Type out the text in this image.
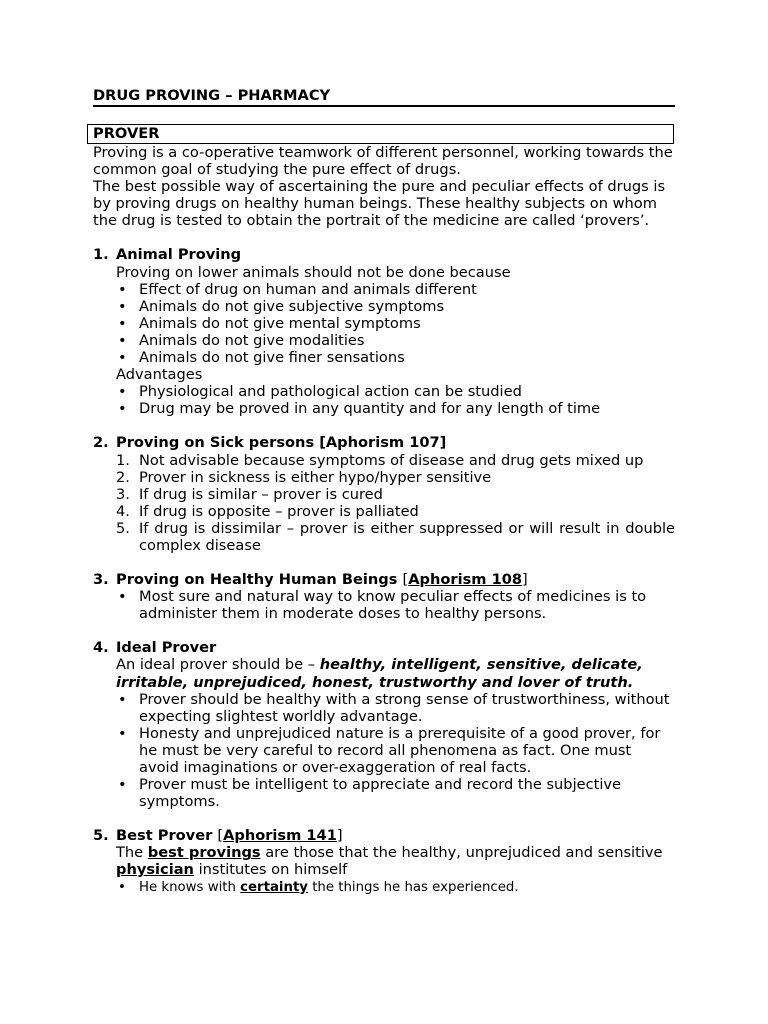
DRUG PROVING – PHARMACY
PROVER

Proving is a co-operative teamwork of different personnel, working towards the common goal of studying the pure effect of drugs.

The best possible way of ascertaining the pure and peculiar effects of drugs is by proving drugs on healthy human beings. These healthy subjects on whom the drug is tested to obtain the portrait of the medicine are called ‘provers’.

1. Animal Proving

Proving on lower animals should not be done because

• Effect of drug on human and animals different
• Animals do not give subjective symptoms
• Animals do not give mental symptoms
• Animals do not give modalities
• Animals do not give finer sensations

Advantages

• Physiological and pathological action can be studied
• Drug may be proved in any quantity and for any length of time
2. Proving on Sick persons [Aphorism 107]
1. Not advisable because symptoms of disease and drug gets mixed up
2. Prover in sickness is either hypo/hyper sensitive
3. If drug is similar – prover is cured
4. If drug is opposite – prover is palliated
5. If drug is dissimilar – prover is either suppressed or will result in double complex disease
3. Proving on Healthy Human Beings [Aphorism 108]
• Most sure and natural way to know peculiar effects of medicines is to administer them in moderate doses to healthy persons.
4. Ideal Prover

An ideal prover should be – healthy, intelligent, sensitive, delicate, irritable, unprejudiced, honest, trustworthy and lover of truth.

• Prover should be healthy with a strong sense of trustworthiness, without expecting slightest worldly advantage.
• Honesty and unprejudiced nature is a prerequisite of a good prover, for he must be very careful to record all phenomena as fact. One must avoid imaginations or over-exaggeration of real facts.
• Prover must be intelligent to appreciate and record the subjective symptoms.
5. Best Prover [Aphorism 141]

The best provings are those that the healthy, unprejudiced and sensitive physician institutes on himself

• He knows with certainty the things he has experienced.
